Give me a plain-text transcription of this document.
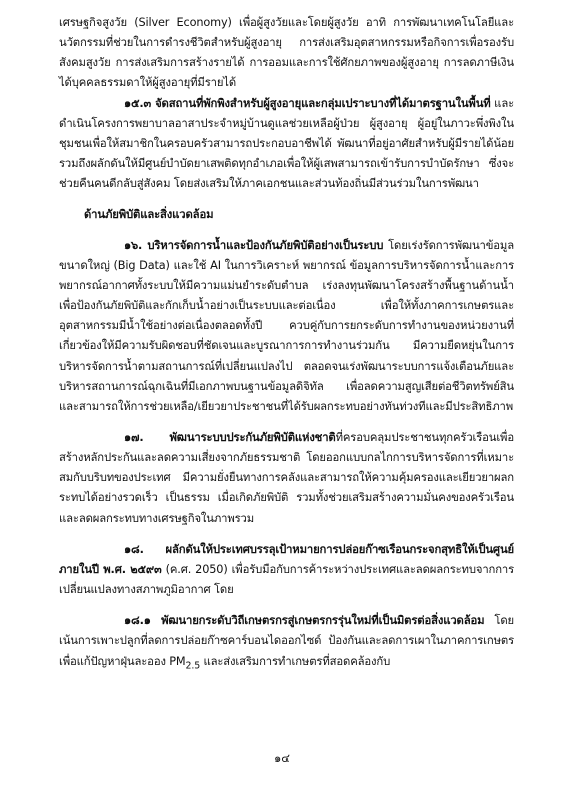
เศรษฐกิจสูงวัย (Silver Economy) เพื่อผู้สูงวัยและโดยผู้สูงวัย อาทิ การพัฒนาเทคโนโลยีและนวัตกรรมที่ช่วยในการดำรงชีวิตสำหรับผู้สูงอายุ การส่งเสริมอุตสาหกรรมหรือกิจการเพื่อรองรับสังคมสูงวัย การส่งเสริมการสร้างรายได้ การออมและการใช้ศักยภาพของผู้สูงอายุ การลดภาษีเงินได้บุคคลธรรมดาให้ผู้สูงอายุที่มีรายได้

๑๕.๓ จัดสถานที่พักพิงสำหรับผู้สูงอายุและกลุ่มเปราะบางที่ได้มาตรฐานในพื้นที่ และดำเนินโครงการพยาบาลอาสาประจำหมู่บ้านดูแลช่วยเหลือผู้ป่วย ผู้สูงอายุ ผู้อยู่ในภาวะพึ่งพิงในชุมชนเพื่อให้สมาชิกในครอบครัวสามารถประกอบอาชีพได้ พัฒนาที่อยู่อาศัยสำหรับผู้มีรายได้น้อย รวมถึงผลักดันให้มีศูนย์บำบัดยาเสพติดทุกอำเภอเพื่อให้ผู้เสพสามารถเข้ารับการบำบัดรักษา ซึ่งจะช่วยคืนคนดีกลับสู่สังคม โดยส่งเสริมให้ภาคเอกชนและส่วนท้องถิ่นมีส่วนร่วมในการพัฒนา

ด้านภัยพิบัติและสิ่งแวดล้อม

๑๖. บริหารจัดการน้ำและป้องกันภัยพิบัติอย่างเป็นระบบ โดยเร่งรัดการพัฒนาข้อมูลขนาดใหญ่ (Big Data) และใช้ AI ในการวิเคราะห์ พยากรณ์ ข้อมูลการบริหารจัดการน้ำและการพยากรณ์อากาศทั้งระบบให้มีความแม่นยำระดับตำบล เร่งลงทุนพัฒนาโครงสร้างพื้นฐานด้านน้ำเพื่อป้องกันภัยพิบัติและกักเก็บน้ำอย่างเป็นระบบและต่อเนื่อง เพื่อให้ทั้งภาคการเกษตรและอุตสาหกรรมมีน้ำใช้อย่างต่อเนื่องตลอดทั้งปี ควบคู่กับการยกระดับการทำงานของหน่วยงานที่เกี่ยวข้องให้มีความรับผิดชอบที่ชัดเจนและบูรณาการการทำงานร่วมกัน มีความยืดหยุ่นในการบริหารจัดการน้ำตามสถานการณ์ที่เปลี่ยนแปลงไป ตลอดจนเร่งพัฒนาระบบการแจ้งเตือนภัยและบริหารสถานการณ์ฉุกเฉินที่มีเอกภาพบนฐานข้อมูลดิจิทัล เพื่อลดความสูญเสียต่อชีวิตทรัพย์สิน และสามารถให้การช่วยเหลือ/เยียวยาประชาชนที่ได้รับผลกระทบอย่างทันท่วงทีและมีประสิทธิภาพ

๑๗. พัฒนาระบบประกันภัยพิบัติแห่งชาติที่ครอบคลุมประชาชนทุกครัวเรือนเพื่อสร้างหลักประกันและลดความเสี่ยงจากภัยธรรมชาติ โดยออกแบบกลไกการบริหารจัดการที่เหมาะสมกับบริบทของประเทศ มีความยั่งยืนทางการคลังและสามารถให้ความคุ้มครองและเยียวยาผลกระทบได้อย่างรวดเร็ว เป็นธรรม เมื่อเกิดภัยพิบัติ รวมทั้งช่วยเสริมสร้างความมั่นคงของครัวเรือนและลดผลกระทบทางเศรษฐกิจในภาพรวม

๑๘. ผลักดันให้ประเทศบรรลุเป้าหมายการปล่อยก๊าซเรือนกระจกสุทธิให้เป็นศูนย์ภายในปี พ.ศ. ๒๕๙๓ (ค.ศ. 2050) เพื่อรับมือกับการค้าระหว่างประเทศและลดผลกระทบจากการเปลี่ยนแปลงทางสภาพภูมิอากาศ โดย

๑๘.๑ พัฒนายกระดับวิถีเกษตรกรสู่เกษตรกรรุ่นใหม่ที่เป็นมิตรต่อสิ่งแวดล้อม โดยเน้นการเพาะปลูกที่ลดการปล่อยก๊าซคาร์บอนไดออกไซด์ ป้องกันและลดการเผาในภาคการเกษตรเพื่อแก้ปัญหาฝุ่นละออง $PM_{2.5}$ และส่งเสริมการทำเกษตรที่สอดคล้องกับ

๑๔
